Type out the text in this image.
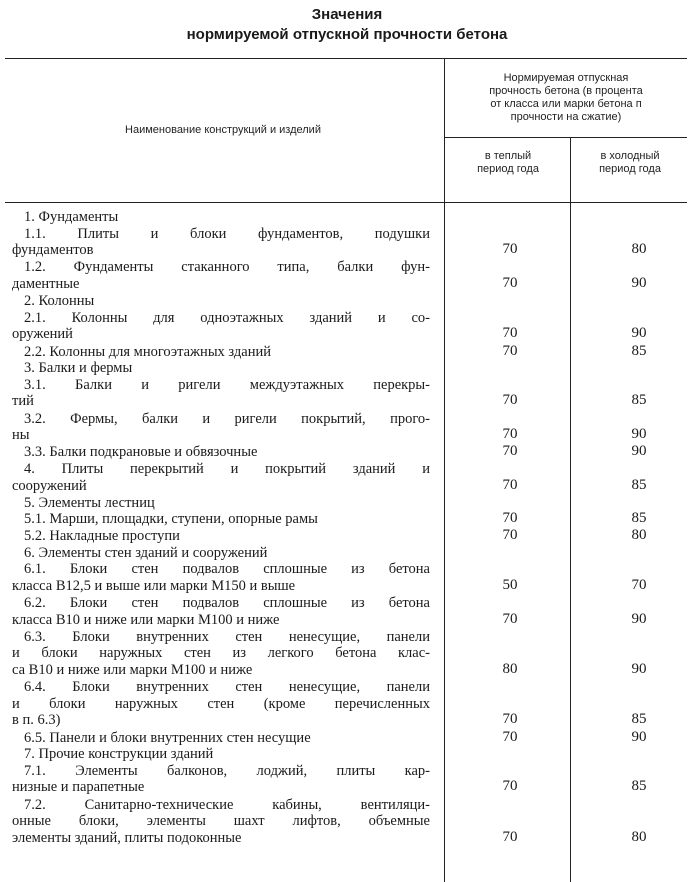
Значения
нормируемой отпускной прочности бетона
Наименование конструкций и изделий
Нормируемая отпускная
прочность бетона (в процента
от класса или марки бетона п
прочности на сжатие)
в теплый
период года
в холодный
период года
1. Фундаменты
1.1. Плиты и блоки фундаментов, подушки
фундаментов	70	80
1.2. Фундаменты стаканного типа, балки фун-
даментные	70	90
2. Колонны
2.1. Колонны для одноэтажных зданий и со-
оружений	70	90
2.2. Колонны для многоэтажных зданий	70	85
3. Балки и фермы
3.1. Балки и ригели междуэтажных перекры-
тий	70	85
3.2. Фермы, балки и ригели покрытий, прого-
ны	70	90
3.3. Балки подкрановые и обвязочные	70	90
4. Плиты перекрытий и покрытий зданий и
сооружений	70	85
5. Элементы лестниц
5.1. Марши, площадки, ступени, опорные рамы	70	85
5.2. Накладные проступи	70	80
6. Элементы стен зданий и сооружений
6.1. Блоки стен подвалов сплошные из бетона
класса В12,5 и выше или марки М150 и выше	50	70
6.2. Блоки стен подвалов сплошные из бетона
класса В10 и ниже или марки М100 и ниже	70	90
6.3. Блоки внутренних стен ненесущие, панели
и блоки наружных стен из легкого бетона клас-
са В10 и ниже или марки М100 и ниже	80	90
6.4. Блоки внутренних стен ненесущие, панели
и блоки наружных стен (кроме перечисленных
в п. 6.3)	70	85
6.5. Панели и блоки внутренних стен несущие	70	90
7. Прочие конструкции зданий
7.1. Элементы балконов, лоджий, плиты кар-
низные и парапетные	70	85
7.2. Санитарно-технические кабины, вентиляци-
онные блоки, элементы шахт лифтов, объемные
элементы зданий, плиты подоконные	70	80
